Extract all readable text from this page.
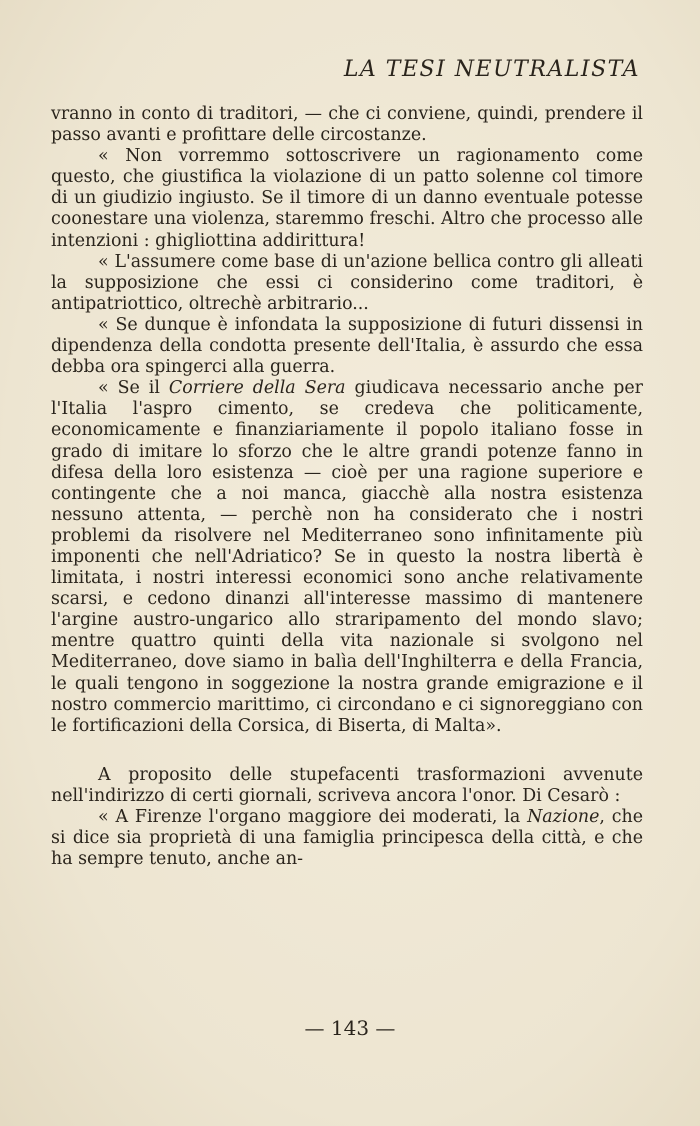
LA TESI NEUTRALISTA

vranno in conto di traditori, — che ci conviene, quindi, prendere il passo avanti e profittare delle circostanze.

« Non vorremmo sottoscrivere un ragionamento come questo, che giustifica la violazione di un patto solenne col timore di un giudizio ingiusto. Se il timore di un danno eventuale potesse coonestare una violenza, staremmo freschi. Altro che processo alle intenzioni : ghigliottina addirittura!

« L'assumere come base di un'azione bellica contro gli alleati la supposizione che essi ci considerino come traditori, è antipatriottico, oltrechè arbitrario...

« Se dunque è infondata la supposizione di futuri dissensi in dipendenza della condotta presente dell'Italia, è assurdo che essa debba ora spingerci alla guerra.

« Se il Corriere della Sera giudicava necessario anche per l'Italia l'aspro cimento, se credeva che politicamente, economicamente e finanziariamente il popolo italiano fosse in grado di imitare lo sforzo che le altre grandi potenze fanno in difesa della loro esistenza — cioè per una ragione superiore e contingente che a noi manca, giacchè alla nostra esistenza nessuno attenta, — perchè non ha considerato che i nostri problemi da risolvere nel Mediterraneo sono infinitamente più imponenti che nell'Adriatico? Se in questo la nostra libertà è limitata, i nostri interessi economici sono anche relativamente scarsi, e cedono dinanzi all'interesse massimo di mantenere l'argine austro-ungarico allo straripamento del mondo slavo; mentre quattro quinti della vita nazionale si svolgono nel Mediterraneo, dove siamo in balìa dell'Inghilterra e della Francia, le quali tengono in soggezione la nostra grande emigrazione e il nostro commercio marittimo, ci circondano e ci signoreggiano con le fortificazioni della Corsica, di Biserta, di Malta».

A proposito delle stupefacenti trasformazioni avvenute nell'indirizzo di certi giornali, scriveva ancora l'onor. Di Cesarò :

« A Firenze l'organo maggiore dei moderati, la Nazione, che si dice sia proprietà di una famiglia principesca della città, e che ha sempre tenuto, anche an-

— 143 —
